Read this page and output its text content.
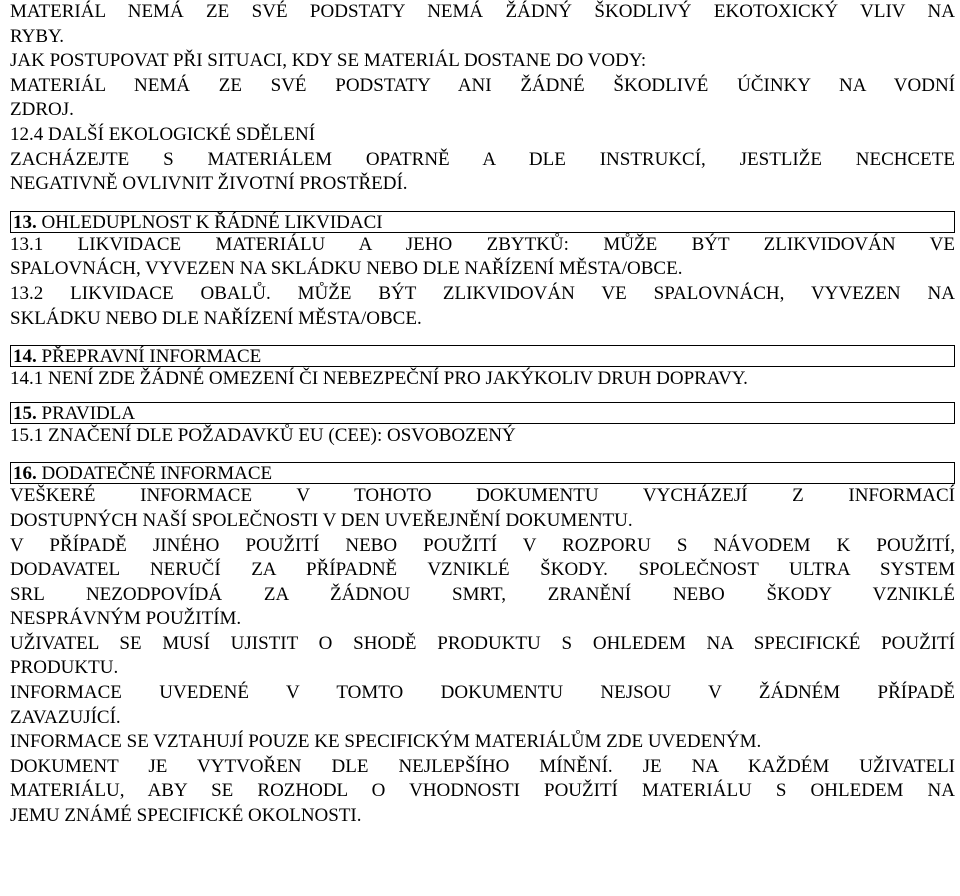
MATERIÁL NEMÁ ZE SVÉ PODSTATY NEMÁ ŽÁDNÝ ŠKODLIVÝ EKOTOXICKÝ VLIV NA
RYBY.
JAK POSTUPOVAT PŘI SITUACI, KDY SE MATERIÁL DOSTANE DO VODY:
MATERIÁL NEMÁ ZE SVÉ PODSTATY ANI ŽÁDNÉ ŠKODLIVÉ ÚČINKY NA VODNÍ
ZDROJ.
12.4 DALŠÍ EKOLOGICKÉ SDĚLENÍ
ZACHÁZEJTE S MATERIÁLEM OPATRNĚ A DLE INSTRUKCÍ, JESTLIŽE NECHCETE
NEGATIVNĚ OVLIVNIT ŽIVOTNÍ PROSTŘEDÍ.
13. OHLEDUPLNOST K ŘÁDNÉ LIKVIDACI
13.1 LIKVIDACE MATERIÁLU A JEHO ZBYTKŮ: MŮŽE BÝT ZLIKVIDOVÁN VE
SPALOVNÁCH, VYVEZEN NA SKLÁDKU NEBO DLE NAŘÍZENÍ MĚSTA/OBCE.
13.2 LIKVIDACE OBALŮ. MŮŽE BÝT ZLIKVIDOVÁN VE SPALOVNÁCH, VYVEZEN NA
SKLÁDKU NEBO DLE NAŘÍZENÍ MĚSTA/OBCE.
14. PŘEPRAVNÍ INFORMACE
14.1 NENÍ ZDE ŽÁDNÉ OMEZENÍ ČI NEBEZPEČNÍ PRO JAKÝKOLIV DRUH DOPRAVY.
15. PRAVIDLA
15.1 ZNAČENÍ DLE POŽADAVKŮ EU (CEE): OSVOBOZENÝ
16. DODATEČNÉ INFORMACE
VEŠKERÉ INFORMACE V TOHOTO DOKUMENTU VYCHÁZEJÍ Z INFORMACÍ
DOSTUPNÝCH NAŠÍ SPOLEČNOSTI V DEN UVEŘEJNĚNÍ DOKUMENTU.
V PŘÍPADĚ JINÉHO POUŽITÍ NEBO POUŽITÍ V ROZPORU S NÁVODEM K POUŽITÍ,
DODAVATEL NERUČÍ ZA PŘÍPADNĚ VZNIKLÉ ŠKODY. SPOLEČNOST ULTRA SYSTEM
SRL NEZODPOVÍDÁ ZA ŽÁDNOU SMRT, ZRANĚNÍ NEBO ŠKODY VZNIKLÉ
NESPRÁVNÝM POUŽITÍM.
UŽIVATEL SE MUSÍ UJISTIT O SHODĚ PRODUKTU S OHLEDEM NA SPECIFICKÉ POUŽITÍ
PRODUKTU.
INFORMACE UVEDENÉ V TOMTO DOKUMENTU NEJSOU V ŽÁDNÉM PŘÍPADĚ
ZAVAZUJÍCÍ.
INFORMACE SE VZTAHUJÍ POUZE KE SPECIFICKÝM MATERIÁLŮM ZDE UVEDENÝM.
DOKUMENT JE VYTVOŘEN DLE NEJLEPŠÍHO MÍNĚNÍ. JE NA KAŽDÉM UŽIVATELI
MATERIÁLU, ABY SE ROZHODL O VHODNOSTI POUŽITÍ MATERIÁLU S OHLEDEM NA
JEMU ZNÁMÉ SPECIFICKÉ OKOLNOSTI.
